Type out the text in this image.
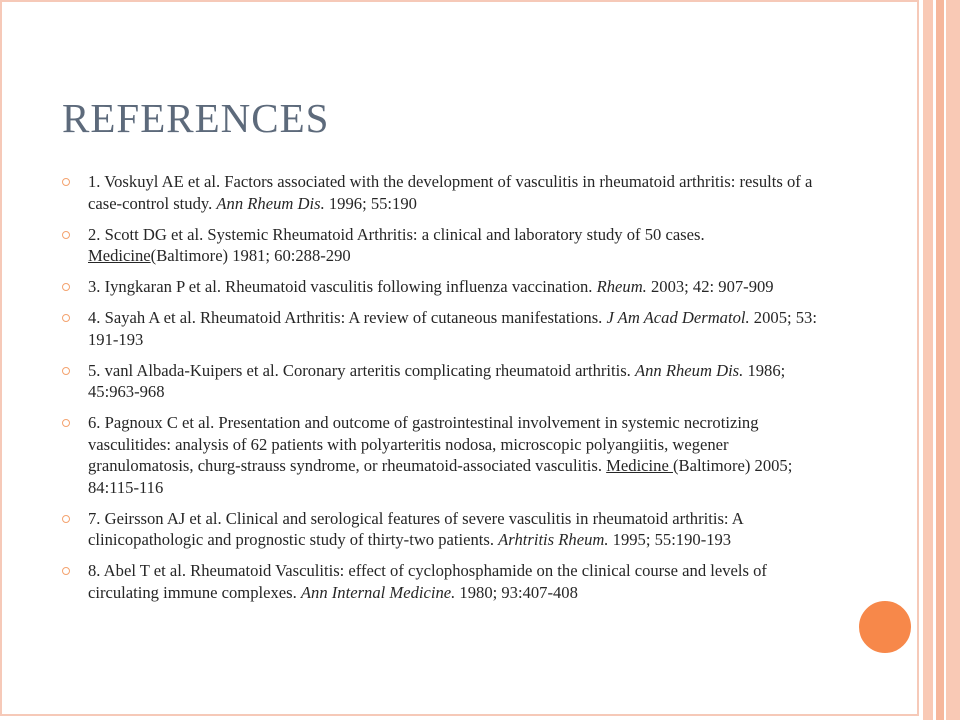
REFERENCES
1. Voskuyl AE et al. Factors associated with the development of vasculitis in rheumatoid arthritis: results of a case-control study. Ann Rheum Dis. 1996; 55:190
2. Scott DG et al. Systemic Rheumatoid Arthritis: a clinical and laboratory study of 50 cases. Medicine(Baltimore) 1981; 60:288-290
3. Iyngkaran P et al. Rheumatoid vasculitis following influenza vaccination. Rheum. 2003; 42: 907-909
4. Sayah A et al. Rheumatoid Arthritis: A review of cutaneous manifestations. J Am Acad Dermatol. 2005; 53: 191-193
5. vanl Albada-Kuipers et al. Coronary arteritis complicating rheumatoid arthritis. Ann Rheum Dis. 1986; 45:963-968
6. Pagnoux C et al. Presentation and outcome of gastrointestinal involvement in systemic necrotizing vasculitides: analysis of 62 patients with polyarteritis nodosa, microscopic polyangiitis, wegener granulomatosis, churg-strauss syndrome, or rheumatoid-associated vasculitis. Medicine (Baltimore) 2005; 84:115-116
7. Geirsson AJ et al. Clinical and serological features of severe vasculitis in rheumatoid arthritis: A clinicopathologic and prognostic study of thirty-two patients. Arhtritis Rheum. 1995; 55:190-193
8. Abel T et al. Rheumatoid Vasculitis: effect of cyclophosphamide on the clinical course and levels of circulating immune complexes. Ann Internal Medicine. 1980; 93:407-408
